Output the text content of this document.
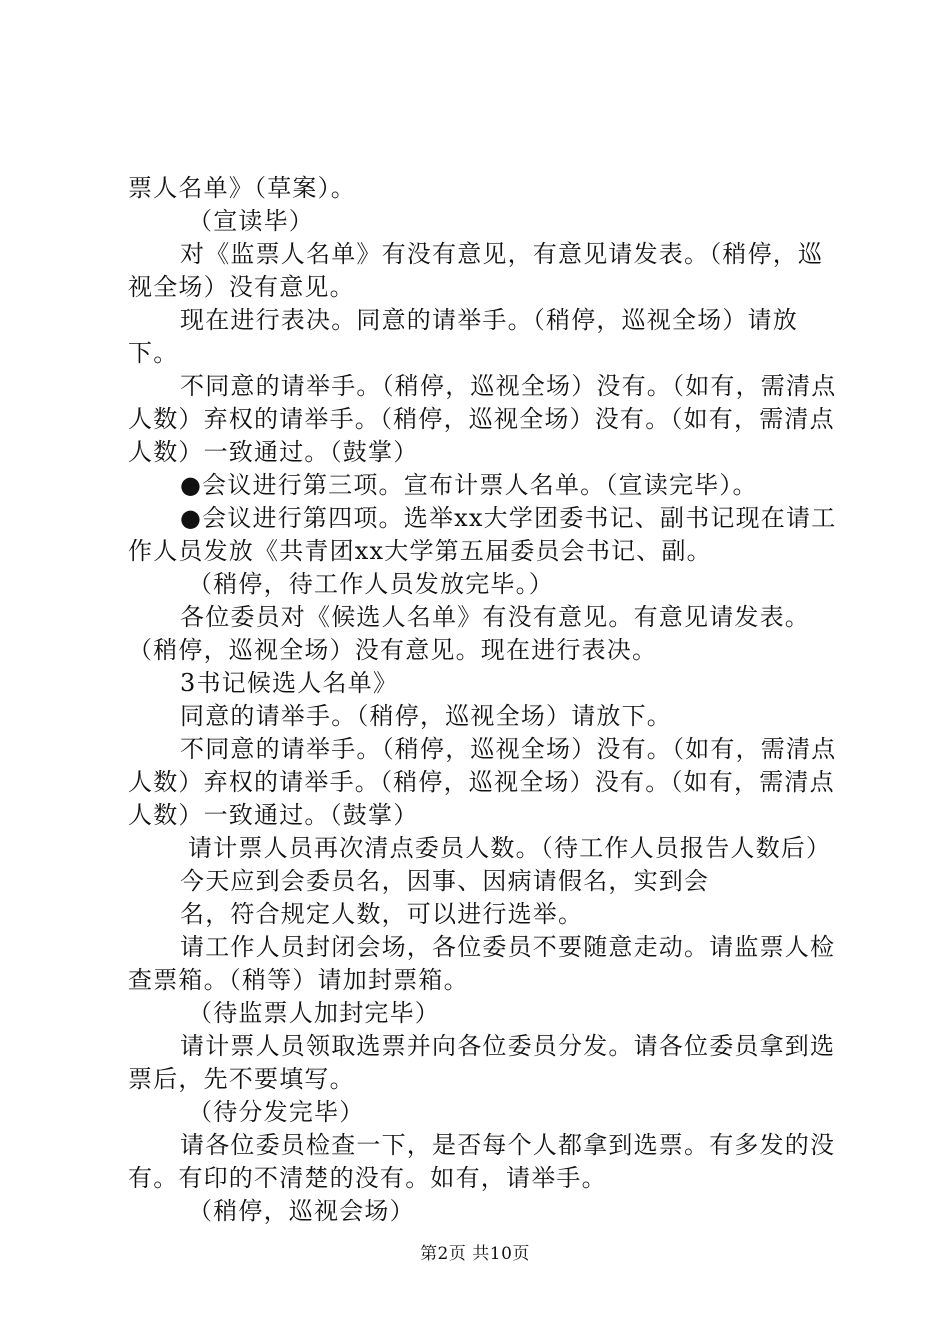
票人名单》（草案）。

（宣读毕）

对《监票人名单》有没有意见，有意见请发表。（稍停，巡视全场）没有意见。

现在进行表决。同意的请举手。（稍停，巡视全场）请放下。

不同意的请举手。（稍停，巡视全场）没有。（如有，需清点人数）弃权的请举手。（稍停，巡视全场）没有。（如有，需清点人数）一致通过。（鼓掌）

●会议进行第三项。宣布计票人名单。（宣读完毕）。

●会议进行第四项。选举xx大学团委书记、副书记现在请工作人员发放《共青团xx大学第五届委员会书记、副。

（稍停，待工作人员发放完毕。）

各位委员对《候选人名单》有没有意见。有意见请发表。（稍停，巡视全场）没有意见。现在进行表决。

3书记候选人名单》

同意的请举手。（稍停，巡视全场）请放下。

不同意的请举手。（稍停，巡视全场）没有。（如有，需清点人数）弃权的请举手。（稍停，巡视全场）没有。（如有，需清点人数）一致通过。（鼓掌）

请计票人员再次清点委员人数。（待工作人员报告人数后）

今天应到会委员名，因事、因病请假名，实到会

名，符合规定人数，可以进行选举。

请工作人员封闭会场，各位委员不要随意走动。请监票人检查票箱。（稍等）请加封票箱。

（待监票人加封完毕）

请计票人员领取选票并向各位委员分发。请各位委员拿到选票后，先不要填写。

（待分发完毕）

请各位委员检查一下，是否每个人都拿到选票。有多发的没有。有印的不清楚的没有。如有，请举手。

（稍停，巡视会场）

第2页 共10页
